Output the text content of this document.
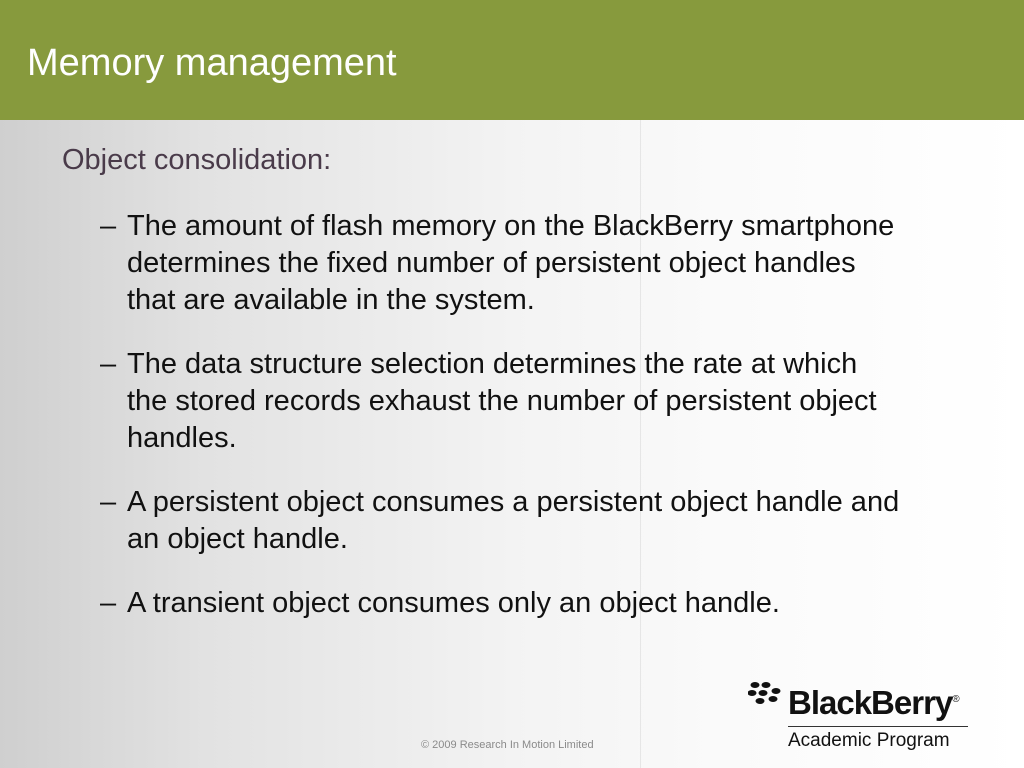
Memory management
Object consolidation:
– The amount of flash memory on the BlackBerry smartphone determines the fixed number of persistent object handles that are available in the system.
– The data structure selection determines the rate at which the stored records exhaust the number of persistent object handles.
– A persistent object consumes a persistent object handle and an object handle.
– A transient object consumes only an object handle.
© 2009 Research In Motion Limited
BlackBerry®
Academic Program
